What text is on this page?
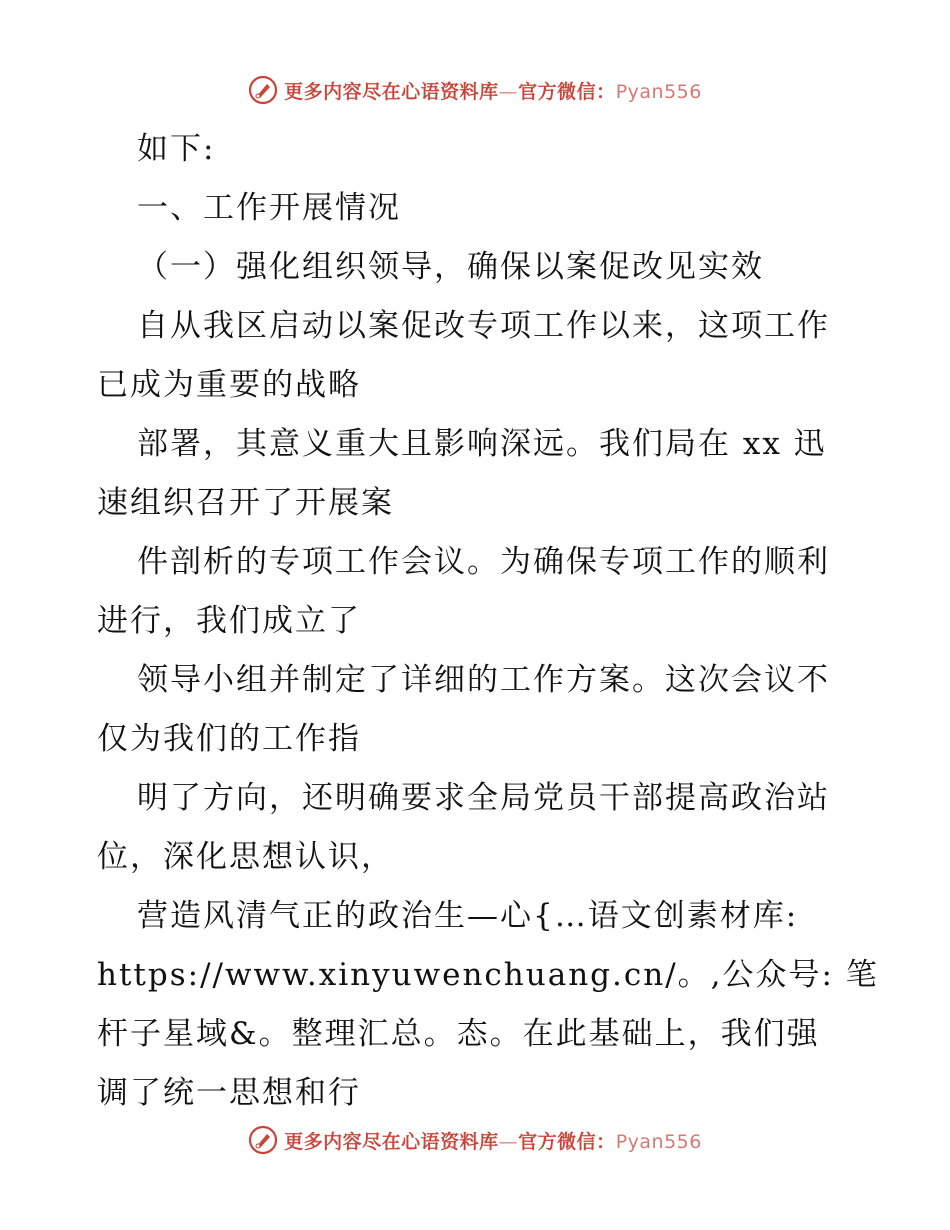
更多内容尽在心语资料库—官方微信：Pyan556
如下:
一、工作开展情况
（一）强化组织领导，确保以案促改见实效
自从我区启动以案促改专项工作以来，这项工作
已成为重要的战略
部署，其意义重大且影响深远。我们局在 xx 迅
速组织召开了开展案
件剖析的专项工作会议。为确保专项工作的顺利
进行，我们成立了
领导小组并制定了详细的工作方案。这次会议不
仅为我们的工作指
明了方向，还明确要求全局党员干部提高政治站
位，深化思想认识，
营造风清气正的政治生—心{…语文创素材库:
https://www.xinyuwenchuang.cn/。,公众号: 笔
杆子星域&。整理汇总。态。在此基础上，我们强
调了统一思想和行
更多内容尽在心语资料库—官方微信：Pyan556
